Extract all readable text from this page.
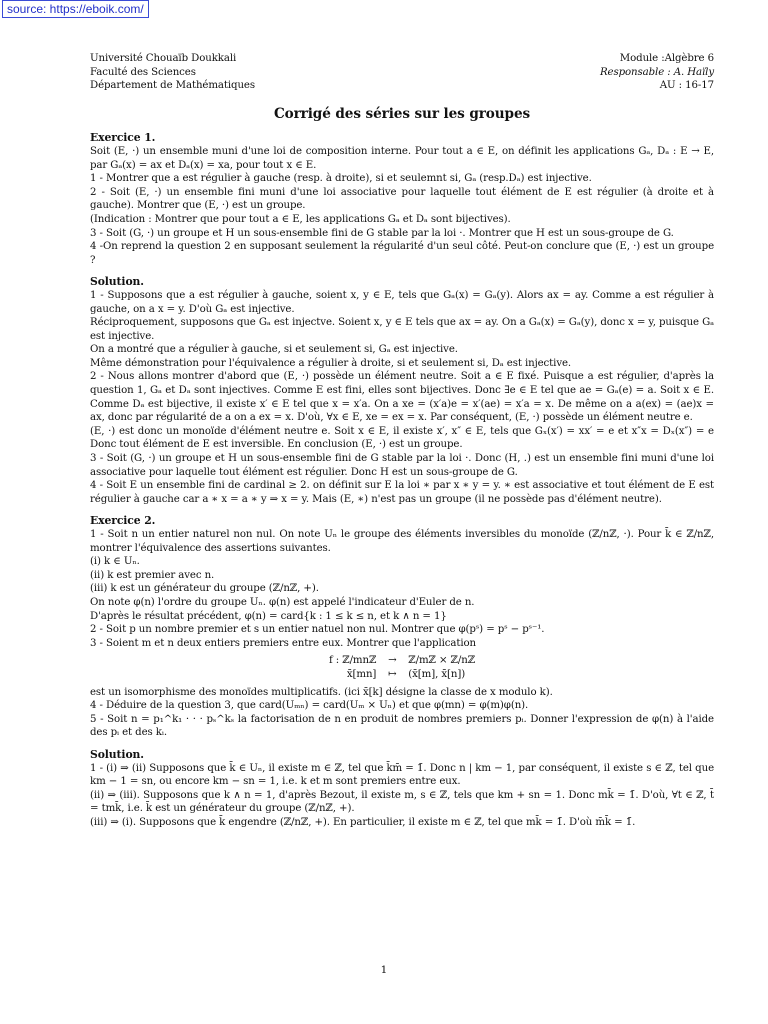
source: https://eboik.com/

Université Chouaïb Doukkali

Faculté des Sciences

Département de Mathématiques

Module :Algèbre 6

Responsable : A. Haïly

AU : 16-17

Corrigé des séries sur les groupes

Exercice 1.

Soit (E, ·) un ensemble muni d'une loi de composition interne. Pour tout a ∈ E, on définit les applications Gₐ, Dₐ : E → E, par Gₐ(x) = ax et Dₐ(x) = xa, pour tout x ∈ E.

1 - Montrer que a est régulier à gauche (resp. à droite), si et seulemnt si, Gₐ (resp.Dₐ) est injective.

2 - Soit (E, ·) un ensemble fini muni d'une loi associative pour laquelle tout élément de E est régulier (à droite et à gauche). Montrer que (E, ·) est un groupe.

(Indication : Montrer que pour tout a ∈ E, les applications Gₐ et Dₐ sont bijectives).

3 - Soit (G, ·) un groupe et H un sous-ensemble fini de G stable par la loi ·. Montrer que H est un sous-groupe de G.

4 -On reprend la question 2 en supposant seulement la régularité d'un seul côté. Peut-on conclure que (E, ·) est un groupe ?

Solution.

1 - Supposons que a est régulier à gauche, soient x, y ∈ E, tels que Gₐ(x) = Gₐ(y). Alors ax = ay. Comme a est régulier à gauche, on a x = y. D'où Gₐ est injective.

Réciproquement, supposons que Gₐ est injectve. Soient x, y ∈ E tels que ax = ay. On a Gₐ(x) = Gₐ(y), donc x = y, puisque Gₐ est injective.

On a montré que a régulier à gauche, si et seulement si, Gₐ est injective.

Même démonstration pour l'équivalence a régulier à droite, si et seulement si, Dₐ est injective.

2 - Nous allons montrer d'abord que (E, ·) possède un élément neutre. Soit a ∈ E fixé. Puisque a est régulier, d'après la question 1, Gₐ et Dₐ sont injectives. Comme E est fini, elles sont bijectives. Donc ∃e ∈ E tel que ae = Gₐ(e) = a. Soit x ∈ E. Comme Dₐ est bijective, il existe x′ ∈ E tel que x = x′a. On a xe = (x′a)e = x′(ae) = x′a = x. De même on a a(ex) = (ae)x = ax, donc par régularité de a on a ex = x. D'où, ∀x ∈ E, xe = ex = x. Par conséquent, (E, ·) possède un élément neutre e.

(E, ·) est donc un monoïde d'élément neutre e. Soit x ∈ E, il existe x′, x″ ∈ E, tels que Gₓ(x′) = xx′ = e et x″x = Dₓ(x″) = e Donc tout élément de E est inversible. En conclusion (E, ·) est un groupe.

3 - Soit (G, ·) un groupe et H un sous-ensemble fini de G stable par la loi ·. Donc (H, .) est un ensemble fini muni d'une loi associative pour laquelle tout élément est régulier. Donc H est un sous-groupe de G.

4 - Soit E un ensemble fini de cardinal ≥ 2. on définit sur E la loi ∗ par x ∗ y = y. ∗ est associative et tout élément de E est régulier à gauche car a ∗ x = a ∗ y ⇒ x = y. Mais (E, ∗) n'est pas un groupe (il ne possède pas d'élément neutre).

Exercice 2.

1 - Soit n un entier naturel non nul. On note Uₙ le groupe des éléments inversibles du monoïde (ℤ/nℤ, ·). Pour k̄ ∈ ℤ/nℤ, montrer l'équivalence des assertions suivantes.

(i) k ∈ Uₙ.

(ii) k est premier avec n.

(iii) k est un générateur du groupe (ℤ/nℤ, +).

On note φ(n) l'ordre du groupe Uₙ. φ(n) est appelé l'indicateur d'Euler de n.

D'après le résultat précédent, φ(n) = card{k : 1 ≤ k ≤ n, et k ∧ n = 1}

2 - Soit p un nombre premier et s un entier natuel non nul. Montrer que φ(pˢ) = pˢ − pˢ⁻¹.

3 - Soient m et n deux entiers premiers entre eux. Montrer que l'application

f : ℤ/mnℤ	→	ℤ/mℤ × ℤ/nℤ
x̄[mn]	↦	(x̄[m], x̄[n])

est un isomorphisme des monoïdes multiplicatifs. (ici x̄[k] désigne la classe de x modulo k).

4 - Déduire de la question 3, que card(Uₘₙ) = card(Uₘ × Uₙ) et que φ(mn) = φ(m)φ(n).

5 - Soit n = p₁^k₁ · · · pₛ^kₛ la factorisation de n en produit de nombres premiers pᵢ. Donner l'expression de φ(n) à l'aide des pᵢ et des kᵢ.

Solution.

1 - (i) ⇒ (ii) Supposons que k̄ ∈ Uₙ, il existe m ∈ ℤ, tel que k̄m̄ = 1̄. Donc n | km − 1, par conséquent, il existe s ∈ ℤ, tel que km − 1 = sn, ou encore km − sn = 1, i.e. k et m sont premiers entre eux.

(ii) ⇒ (iii). Supposons que k ∧ n = 1, d'après Bezout, il existe m, s ∈ ℤ, tels que km + sn = 1. Donc mk̄ = 1̄. D'où, ∀t ∈ ℤ, t̄ = tmk̄, i.e. k̄ est un générateur du groupe (ℤ/nℤ, +).

(iii) ⇒ (i). Supposons que k̄ engendre (ℤ/nℤ, +). En particulier, il existe m ∈ ℤ, tel que mk̄ = 1̄. D'où m̄k̄ = 1̄.

1
